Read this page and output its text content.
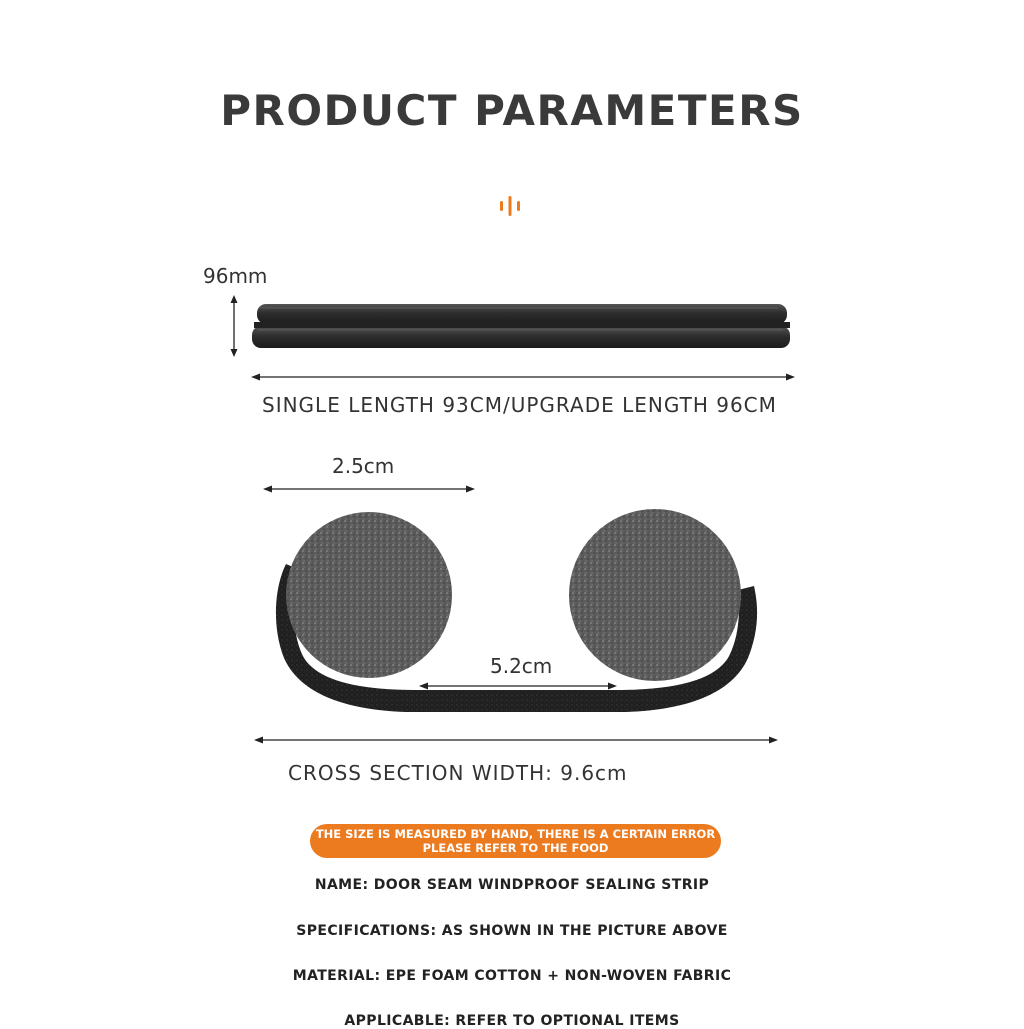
PRODUCT PARAMETERS
96mm
SINGLE LENGTH 93CM/UPGRADE LENGTH 96CM
2.5cm
5.2cm
CROSS SECTION WIDTH: 9.6cm
THE SIZE IS MEASURED BY HAND, THERE IS A CERTAIN ERROR
PLEASE REFER TO THE FOOD
NAME: DOOR SEAM WINDPROOF SEALING STRIP
SPECIFICATIONS: AS SHOWN IN THE PICTURE ABOVE
MATERIAL: EPE FOAM COTTON + NON-WOVEN FABRIC
APPLICABLE: REFER TO OPTIONAL ITEMS
